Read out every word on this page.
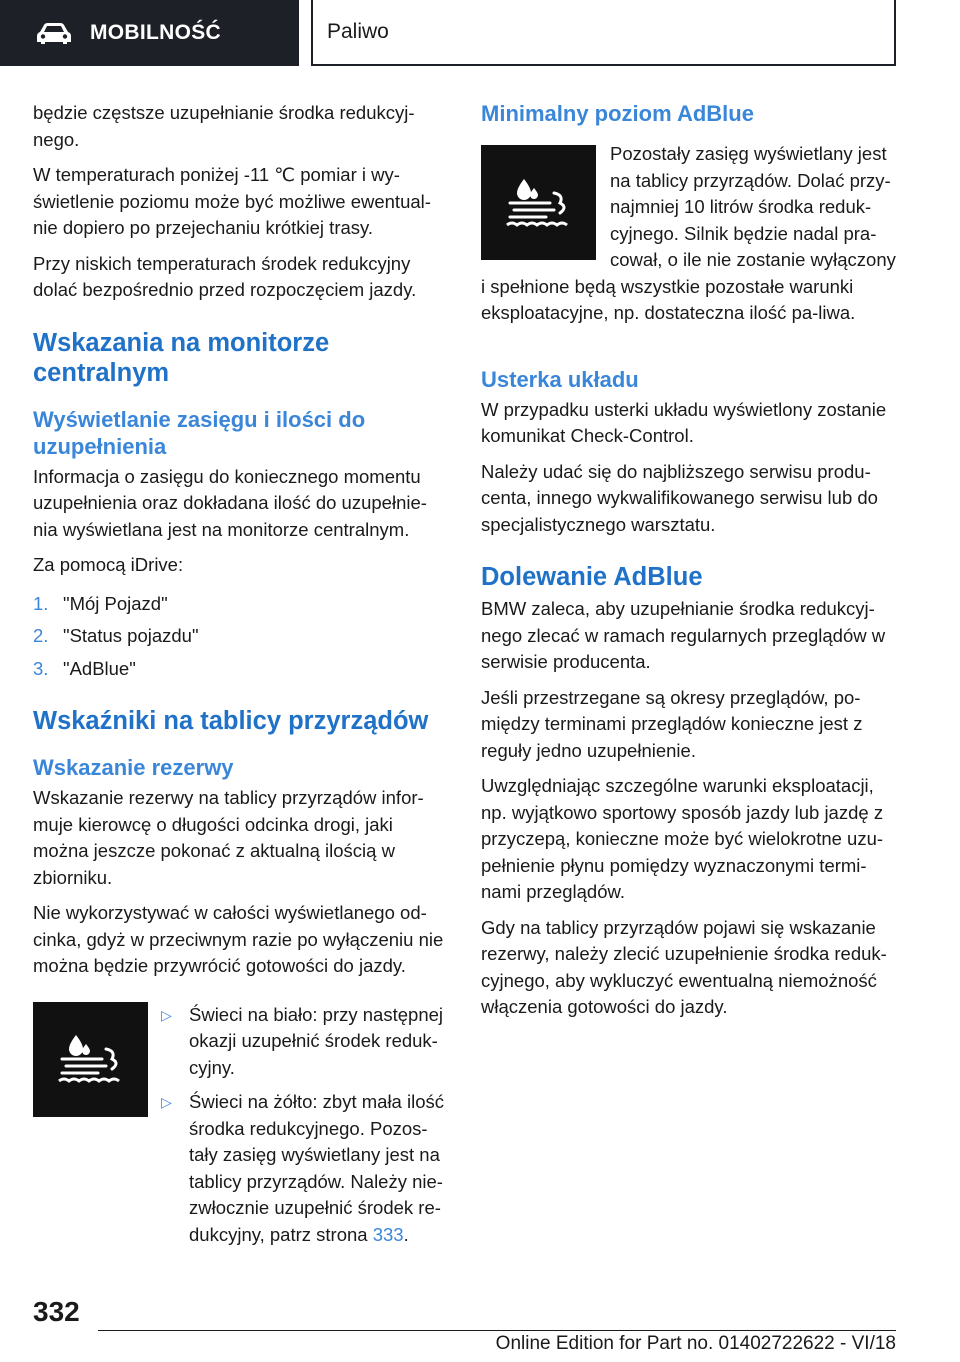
MOBILNOŚĆ	Paliwo

będzie częstsze uzupełnianie środka redukcyj-nego.

W temperaturach poniżej -11 ℃ pomiar i wy-świetlenie poziomu może być możliwe ewentual-nie dopiero po przejechaniu krótkiej trasy.

Przy niskich temperaturach środek redukcyjny dolać bezpośrednio przed rozpoczęciem jazdy.

Wskazania na monitorze centralnym
Wyświetlanie zasięgu i ilości do uzupełnienia

Informacja o zasięgu do koniecznego momentu uzupełnienia oraz dokładana ilość do uzupełnie-nia wyświetlana jest na monitorze centralnym.

Za pomocą iDrive:

1. "Mój Pojazd"
2. "Status pojazdu"
3. "AdBlue"
Wskaźniki na tablicy przyrządów
Wskazanie rezerwy

Wskazanie rezerwy na tablicy przyrządów infor-muje kierowcę o długości odcinka drogi, jaki można jeszcze pokonać z aktualną ilością w zbiorniku.

Nie wykorzystywać w całości wyświetlanego od-cinka, gdyż w przeciwnym razie po wyłączeniu nie można będzie przywrócić gotowości do jazdy.

▷ Świeci na biało: przy następnej okazji uzupełnić środek reduk-cyjny.
▷ Świeci na żółto: zbyt mała ilość środka redukcyjnego. Pozos-tały zasięg wyświetlany jest na tablicy przyrządów. Należy nie-zwłocznie uzupełnić środek re-dukcyjny, patrz strona 333.
Minimalny poziom AdBlue

Pozostały zasięg wyświetlany jest na tablicy przyrządów. Dolać przy-najmniej 10 litrów środka reduk-cyjnego. Silnik będzie nadal pra-cował, o ile nie zostanie wyłączony i spełnione będą wszystkie pozostałe warunki eksploatacyjne, np. dostateczna ilość pa-liwa.

Usterka układu

W przypadku usterki układu wyświetlony zostanie komunikat Check-Control.

Należy udać się do najbliższego serwisu produ-centa, innego wykwalifikowanego serwisu lub do specjalistycznego warsztatu.

Dolewanie AdBlue

BMW zaleca, aby uzupełnianie środka redukcyj-nego zlecać w ramach regularnych przeglądów w serwisie producenta.

Jeśli przestrzegane są okresy przeglądów, po-między terminami przeglądów konieczne jest z reguły jedno uzupełnienie.

Uwzględniając szczególne warunki eksploatacji, np. wyjątkowo sportowy sposób jazdy lub jazdę z przyczepą, konieczne może być wielokrotne uzu-pełnienie płynu pomiędzy wyznaczonymi termi-nami przeglądów.

Gdy na tablicy przyrządów pojawi się wskazanie rezerwy, należy zlecić uzupełnienie środka reduk-cyjnego, aby wykluczyć ewentualną niemożność włączenia gotowości do jazdy.

332
Online Edition for Part no. 01402722622 - VI/18
